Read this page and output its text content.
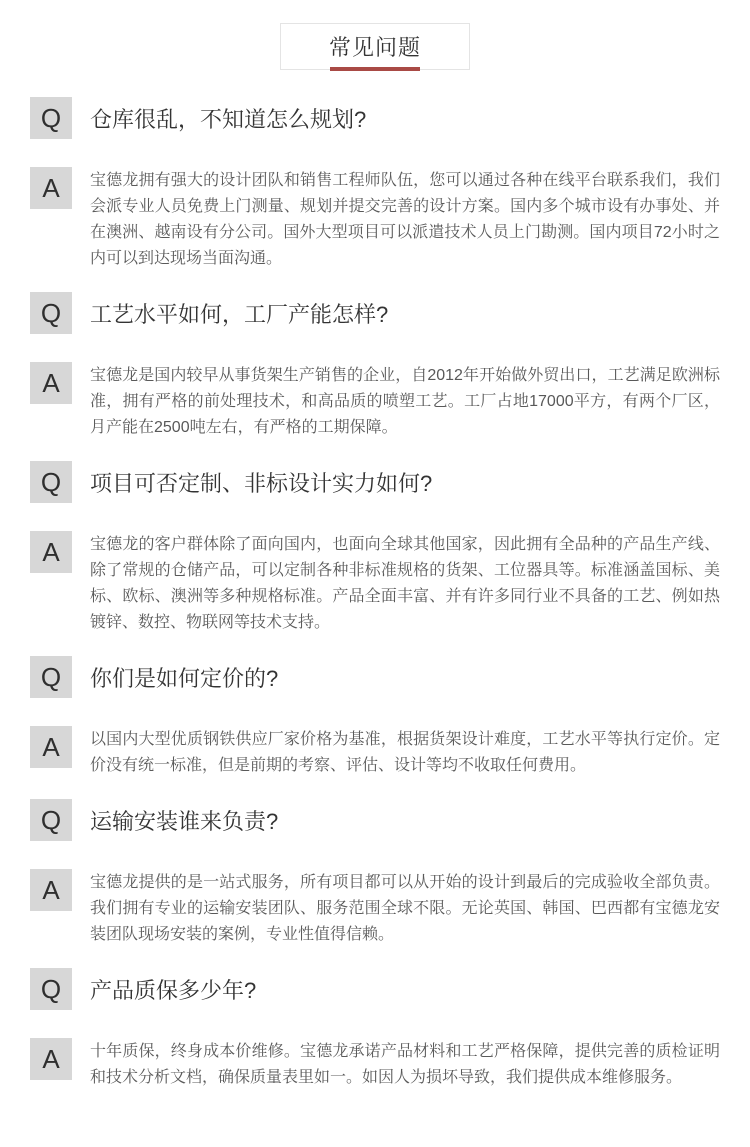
常见问题
Q	仓库很乱，不知道怎么规划?
A	宝德龙拥有强大的设计团队和销售工程师队伍，您可以通过各种在线平台联系我们，我们会派专业人员免费上门测量、规划并提交完善的设计方案。国内多个城市设有办事处、并在澳洲、越南设有分公司。国外大型项目可以派遣技术人员上门勘测。国内项目72小时之内可以到达现场当面沟通。

Q	工艺水平如何，工厂产能怎样?
A	宝德龙是国内较早从事货架生产销售的企业，自2012年开始做外贸出口，工艺满足欧洲标准，拥有严格的前处理技术，和高品质的喷塑工艺。工厂占地17000平方，有两个厂区，月产能在2500吨左右，有严格的工期保障。

Q	项目可否定制、非标设计实力如何?
A	宝德龙的客户群体除了面向国内，也面向全球其他国家，因此拥有全品种的产品生产线、除了常规的仓储产品，可以定制各种非标准规格的货架、工位器具等。标准涵盖国标、美标、欧标、澳洲等多种规格标准。产品全面丰富、并有许多同行业不具备的工艺、例如热镀锌、数控、物联网等技术支持。

Q	你们是如何定价的?
A	以国内大型优质钢铁供应厂家价格为基准，根据货架设计难度，工艺水平等执行定价。定价没有统一标准，但是前期的考察、评估、设计等均不收取任何费用。

Q	运输安装谁来负责?
A	宝德龙提供的是一站式服务，所有项目都可以从开始的设计到最后的完成验收全部负责。我们拥有专业的运输安装团队、服务范围全球不限。无论英国、韩国、巴西都有宝德龙安装团队现场安装的案例，专业性值得信赖。

Q	产品质保多少年?
A	十年质保，终身成本价维修。宝德龙承诺产品材料和工艺严格保障，提供完善的质检证明和技术分析文档，确保质量表里如一。如因人为损坏导致，我们提供成本维修服务。
